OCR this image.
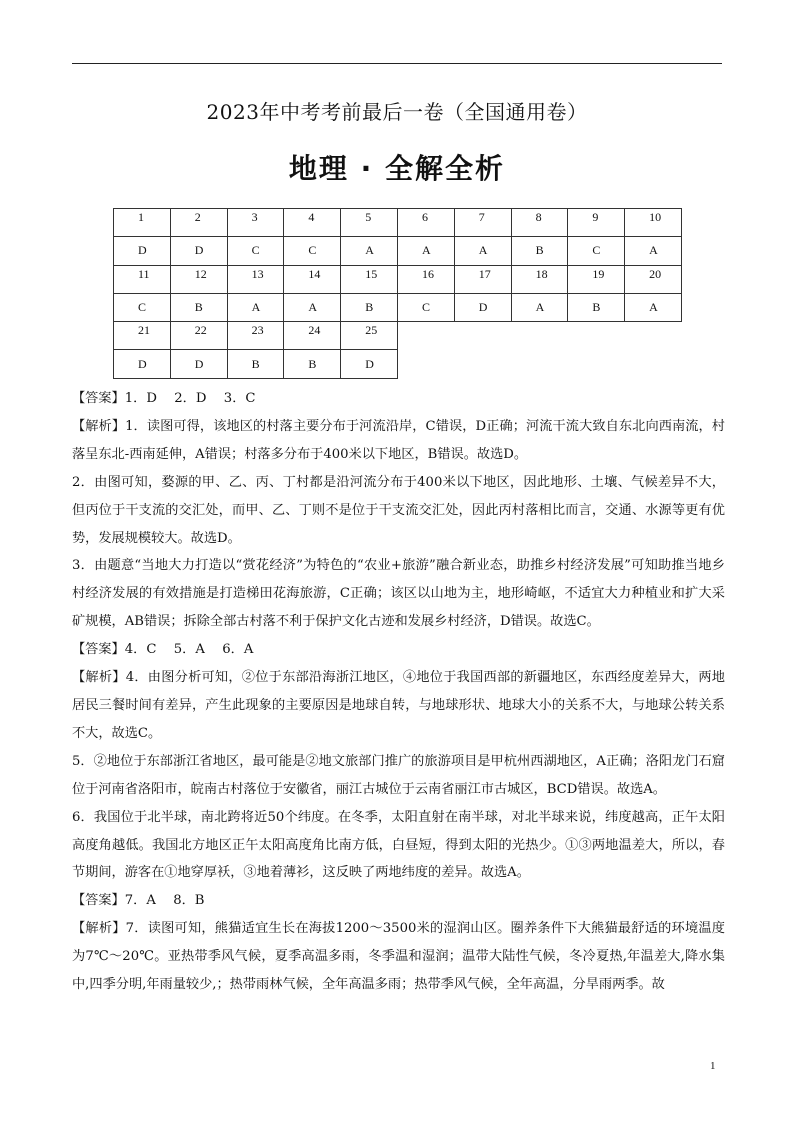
2023年中考考前最后一卷（全国通用卷）
地理 · 全解全析
1	2	3	4	5	6	7	8	9	10
D	D	C	C	A	A	A	B	C	A
11	12	13	14	15	16	17	18	19	20
C	B	A	A	B	C	D	A	B	A
21	22	23	24	25					
D	D	B	B	D					

【答案】1．D　 2．D　 3．C

【解析】1．读图可得，该地区的村落主要分布于河流沿岸，C错误，D正确；河流干流大致自东北向西南流，村落呈东北-西南延伸，A错误；村落多分布于400米以下地区，B错误。故选D。

2．由图可知，婺源的甲、乙、丙、丁村都是沿河流分布于400米以下地区，因此地形、土壤、气候差异不大，但丙位于干支流的交汇处，而甲、乙、丁则不是位于干支流交汇处，因此丙村落相比而言，交通、水源等更有优势，发展规模较大。故选D。

3．由题意“当地大力打造以“赏花经济”为特色的“农业+旅游”融合新业态，助推乡村经济发展”可知助推当地乡村经济发展的有效措施是打造梯田花海旅游，C正确；该区以山地为主，地形崎岖，不适宜大力种植业和扩大采矿规模，AB错误；拆除全部古村落不利于保护文化古迹和发展乡村经济，D错误。故选C。

【答案】4．C　 5．A　 6．A

【解析】4．由图分析可知，②位于东部沿海浙江地区，④地位于我国西部的新疆地区，东西经度差异大，两地居民三餐时间有差异，产生此现象的主要原因是地球自转，与地球形状、地球大小的关系不大，与地球公转关系不大，故选C。

5．②地位于东部浙江省地区，最可能是②地文旅部门推广的旅游项目是甲杭州西湖地区，A正确；洛阳龙门石窟位于河南省洛阳市，皖南古村落位于安徽省，丽江古城位于云南省丽江市古城区，BCD错误。故选A。

6．我国位于北半球，南北跨将近50个纬度。在冬季，太阳直射在南半球，对北半球来说，纬度越高，正午太阳高度角越低。我国北方地区正午太阳高度角比南方低，白昼短，得到太阳的光热少。①③两地温差大，所以，春节期间，游客在①地穿厚袄，③地着薄衫，这反映了两地纬度的差异。故选A。

【答案】7．A　 8．B

【解析】7．读图可知，熊猫适宜生长在海拔1200～3500米的湿润山区。圈养条件下大熊猫最舒适的环境温度为7℃～20℃。亚热带季风气候，夏季高温多雨，冬季温和湿润；温带大陆性气候，冬冷夏热,年温差大,降水集中,四季分明,年雨量较少,；热带雨林气候，全年高温多雨；热带季风气候，全年高温，分旱雨两季。故

1
